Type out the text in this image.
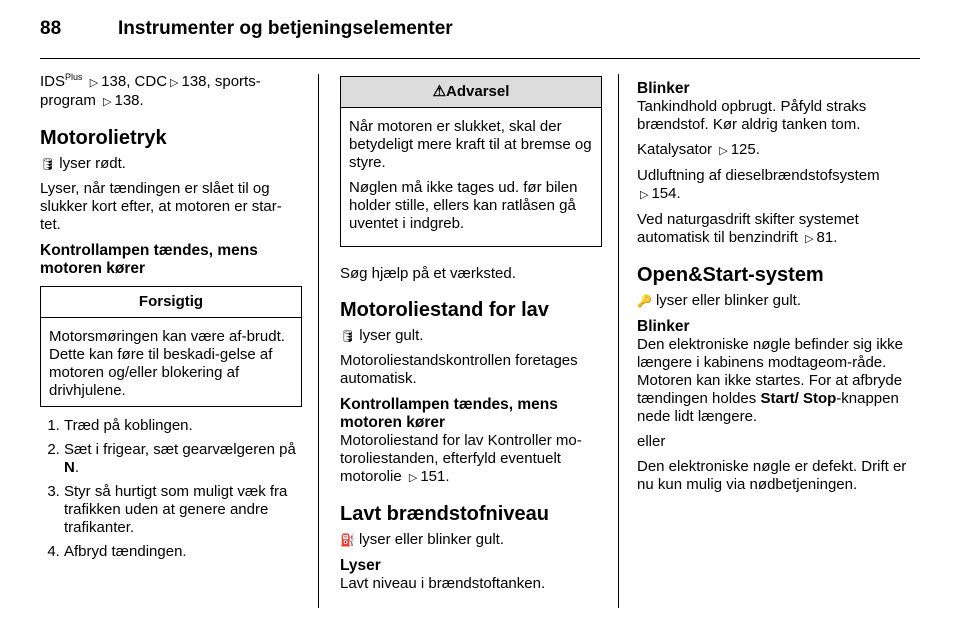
88	Instrumenter og betjeningselementer

$IDS^{Plus}$ ▷ 138, CDC ▷ 138, sports-program ▷ 138.

Motorolietryk

🛢 lyser rødt.

Lyser, når tændingen er slået til og slukker kort efter, at motoren er star-tet.

Kontrollampen tændes, mens motoren kører
Forsigtig
Motorsmøringen kan være af-brudt. Dette kan føre til beskadi-gelse af motoren og/eller blokering af drivhjulene.
1. Træd på koblingen.
2. Sæt i frigear, sæt gearvælgeren på N.
3. Styr så hurtigt som muligt væk fra trafikken uden at genere andre trafikanter.
4. Afbryd tændingen.
⚠Advarsel

Når motoren er slukket, skal der betydeligt mere kraft til at bremse og styre.

Nøglen må ikke tages ud. før bilen holder stille, ellers kan ratlåsen gå uventet i indgreb.

Søg hjælp på et værksted.

Motoroliestand for lav

🛢 lyser gult.

Motoroliestandskontrollen foretages automatisk.

Kontrollampen tændes, mens motoren kører

Motoroliestand for lav Kontroller mo-toroliestanden, efterfyld eventuelt motorolie ▷ 151.

Lavt brændstofniveau

⛽ lyser eller blinker gult.

Lyser

Lavt niveau i brændstoftanken.

Blinker

Tankindhold opbrugt. Påfyld straks brændstof. Kør aldrig tanken tom.

Katalysator ▷ 125.

Udluftning af dieselbrændstofsystem
▷ 154.

Ved naturgasdrift skifter systemet automatisk til benzindrift ▷ 81.

Open&Start-system

🔑 lyser eller blinker gult.

Blinker

Den elektroniske nøgle befinder sig ikke længere i kabinens modtageom-råde. Motoren kan ikke startes. For at afbryde tændingen holdes Start/ Stop-knappen nede lidt længere.

eller

Den elektroniske nøgle er defekt. Drift er nu kun mulig via nødbetjeningen.
